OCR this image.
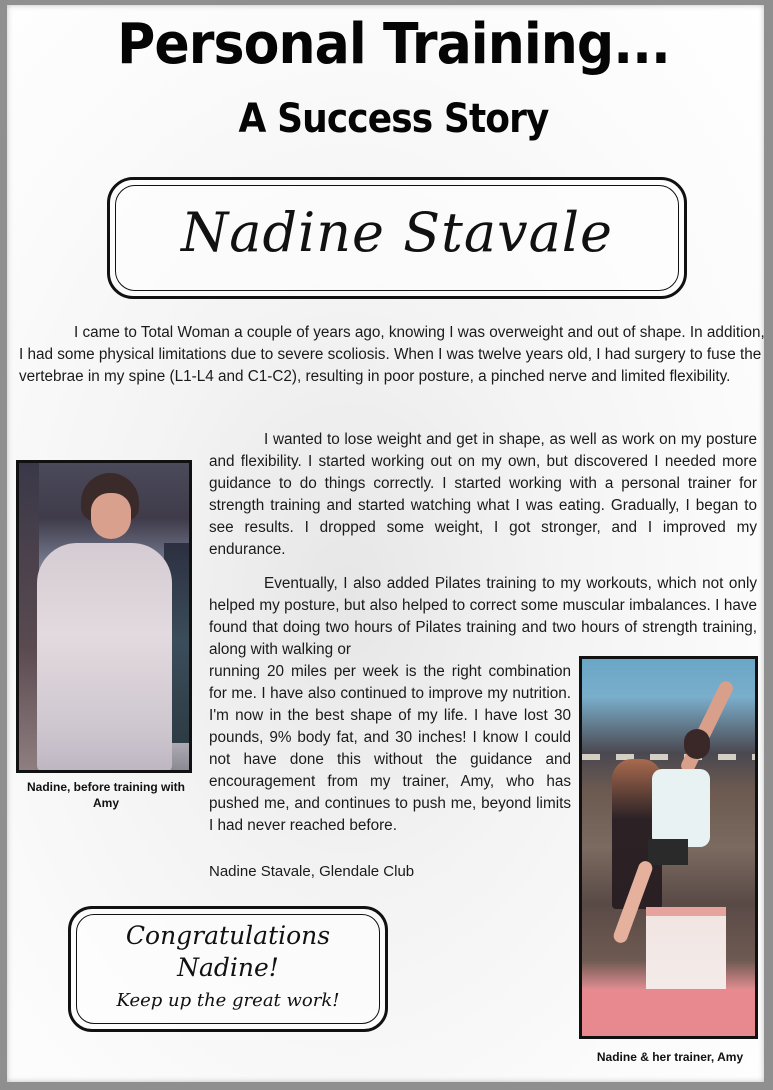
Personal Training...
A Success Story
Nadine Stavale
I came to Total Woman a couple of years ago, knowing I was overweight and out of shape. In addition, I had some physical limitations due to severe scoliosis. When I was twelve years old, I had surgery to fuse the vertebrae in my spine (L1-L4 and C1-C2), resulting in poor posture, a pinched nerve and limited flexibility.
I wanted to lose weight and get in shape, as well as work on my posture and flexibility. I started working out on my own, but discovered I needed more guidance to do things correctly. I started working with a personal trainer for strength training and started watching what I was eating. Gradually, I began to see results. I dropped some weight, I got stronger, and I improved my endurance.
Eventually, I also added Pilates training to my workouts, which not only helped my posture, but also helped to correct some muscular imbalances. I have found that doing two hours of Pilates training and two hours of strength training, along with walking or
running 20 miles per week is the right combination for me. I have also continued to improve my nutrition. I'm now in the best shape of my life. I have lost 30 pounds, 9% body fat, and 30 inches! I know I could not have done this without the guidance and encouragement from my trainer, Amy, who has pushed me, and continues to push me, beyond limits I had never reached before.
Nadine Stavale, Glendale Club
Nadine, before training with Amy
Nadine & her trainer, Amy
Congratulations
Nadine!
Keep up the great work!
